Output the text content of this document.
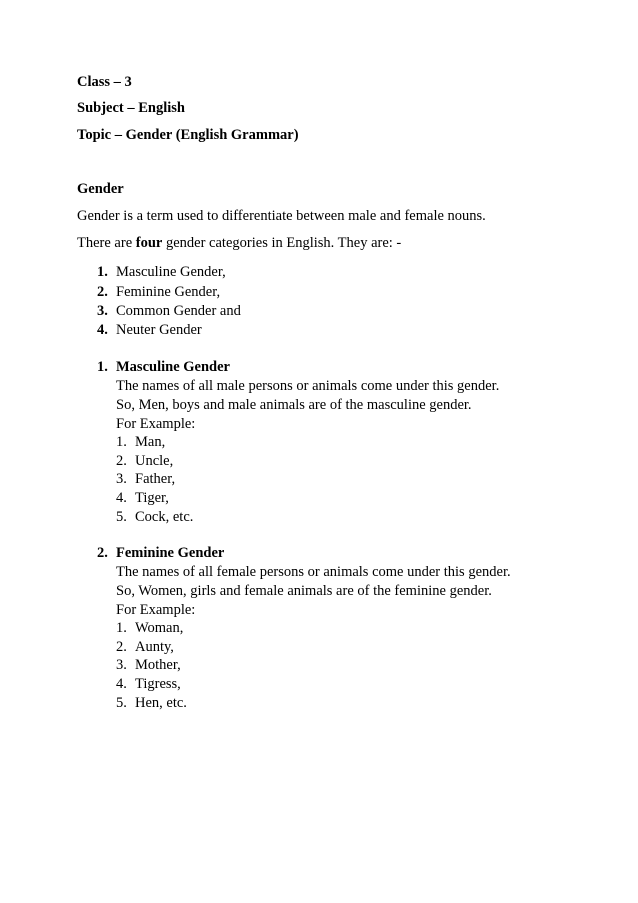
Class – 3
Subject – English
Topic – Gender (English Grammar)
Gender
Gender is a term used to differentiate between male and female nouns.
There are four gender categories in English. They are: -
1. Masculine Gender,
2. Feminine Gender,
3. Common Gender and
4. Neuter Gender
1. Masculine Gender
The names of all male persons or animals come under this gender.
So, Men, boys and male animals are of the masculine gender.
For Example:
1. Man,
2. Uncle,
3. Father,
4. Tiger,
5. Cock, etc.
2. Feminine Gender
The names of all female persons or animals come under this gender.
So, Women, girls and female animals are of the feminine gender.
For Example:
1. Woman,
2. Aunty,
3. Mother,
4. Tigress,
5. Hen, etc.
